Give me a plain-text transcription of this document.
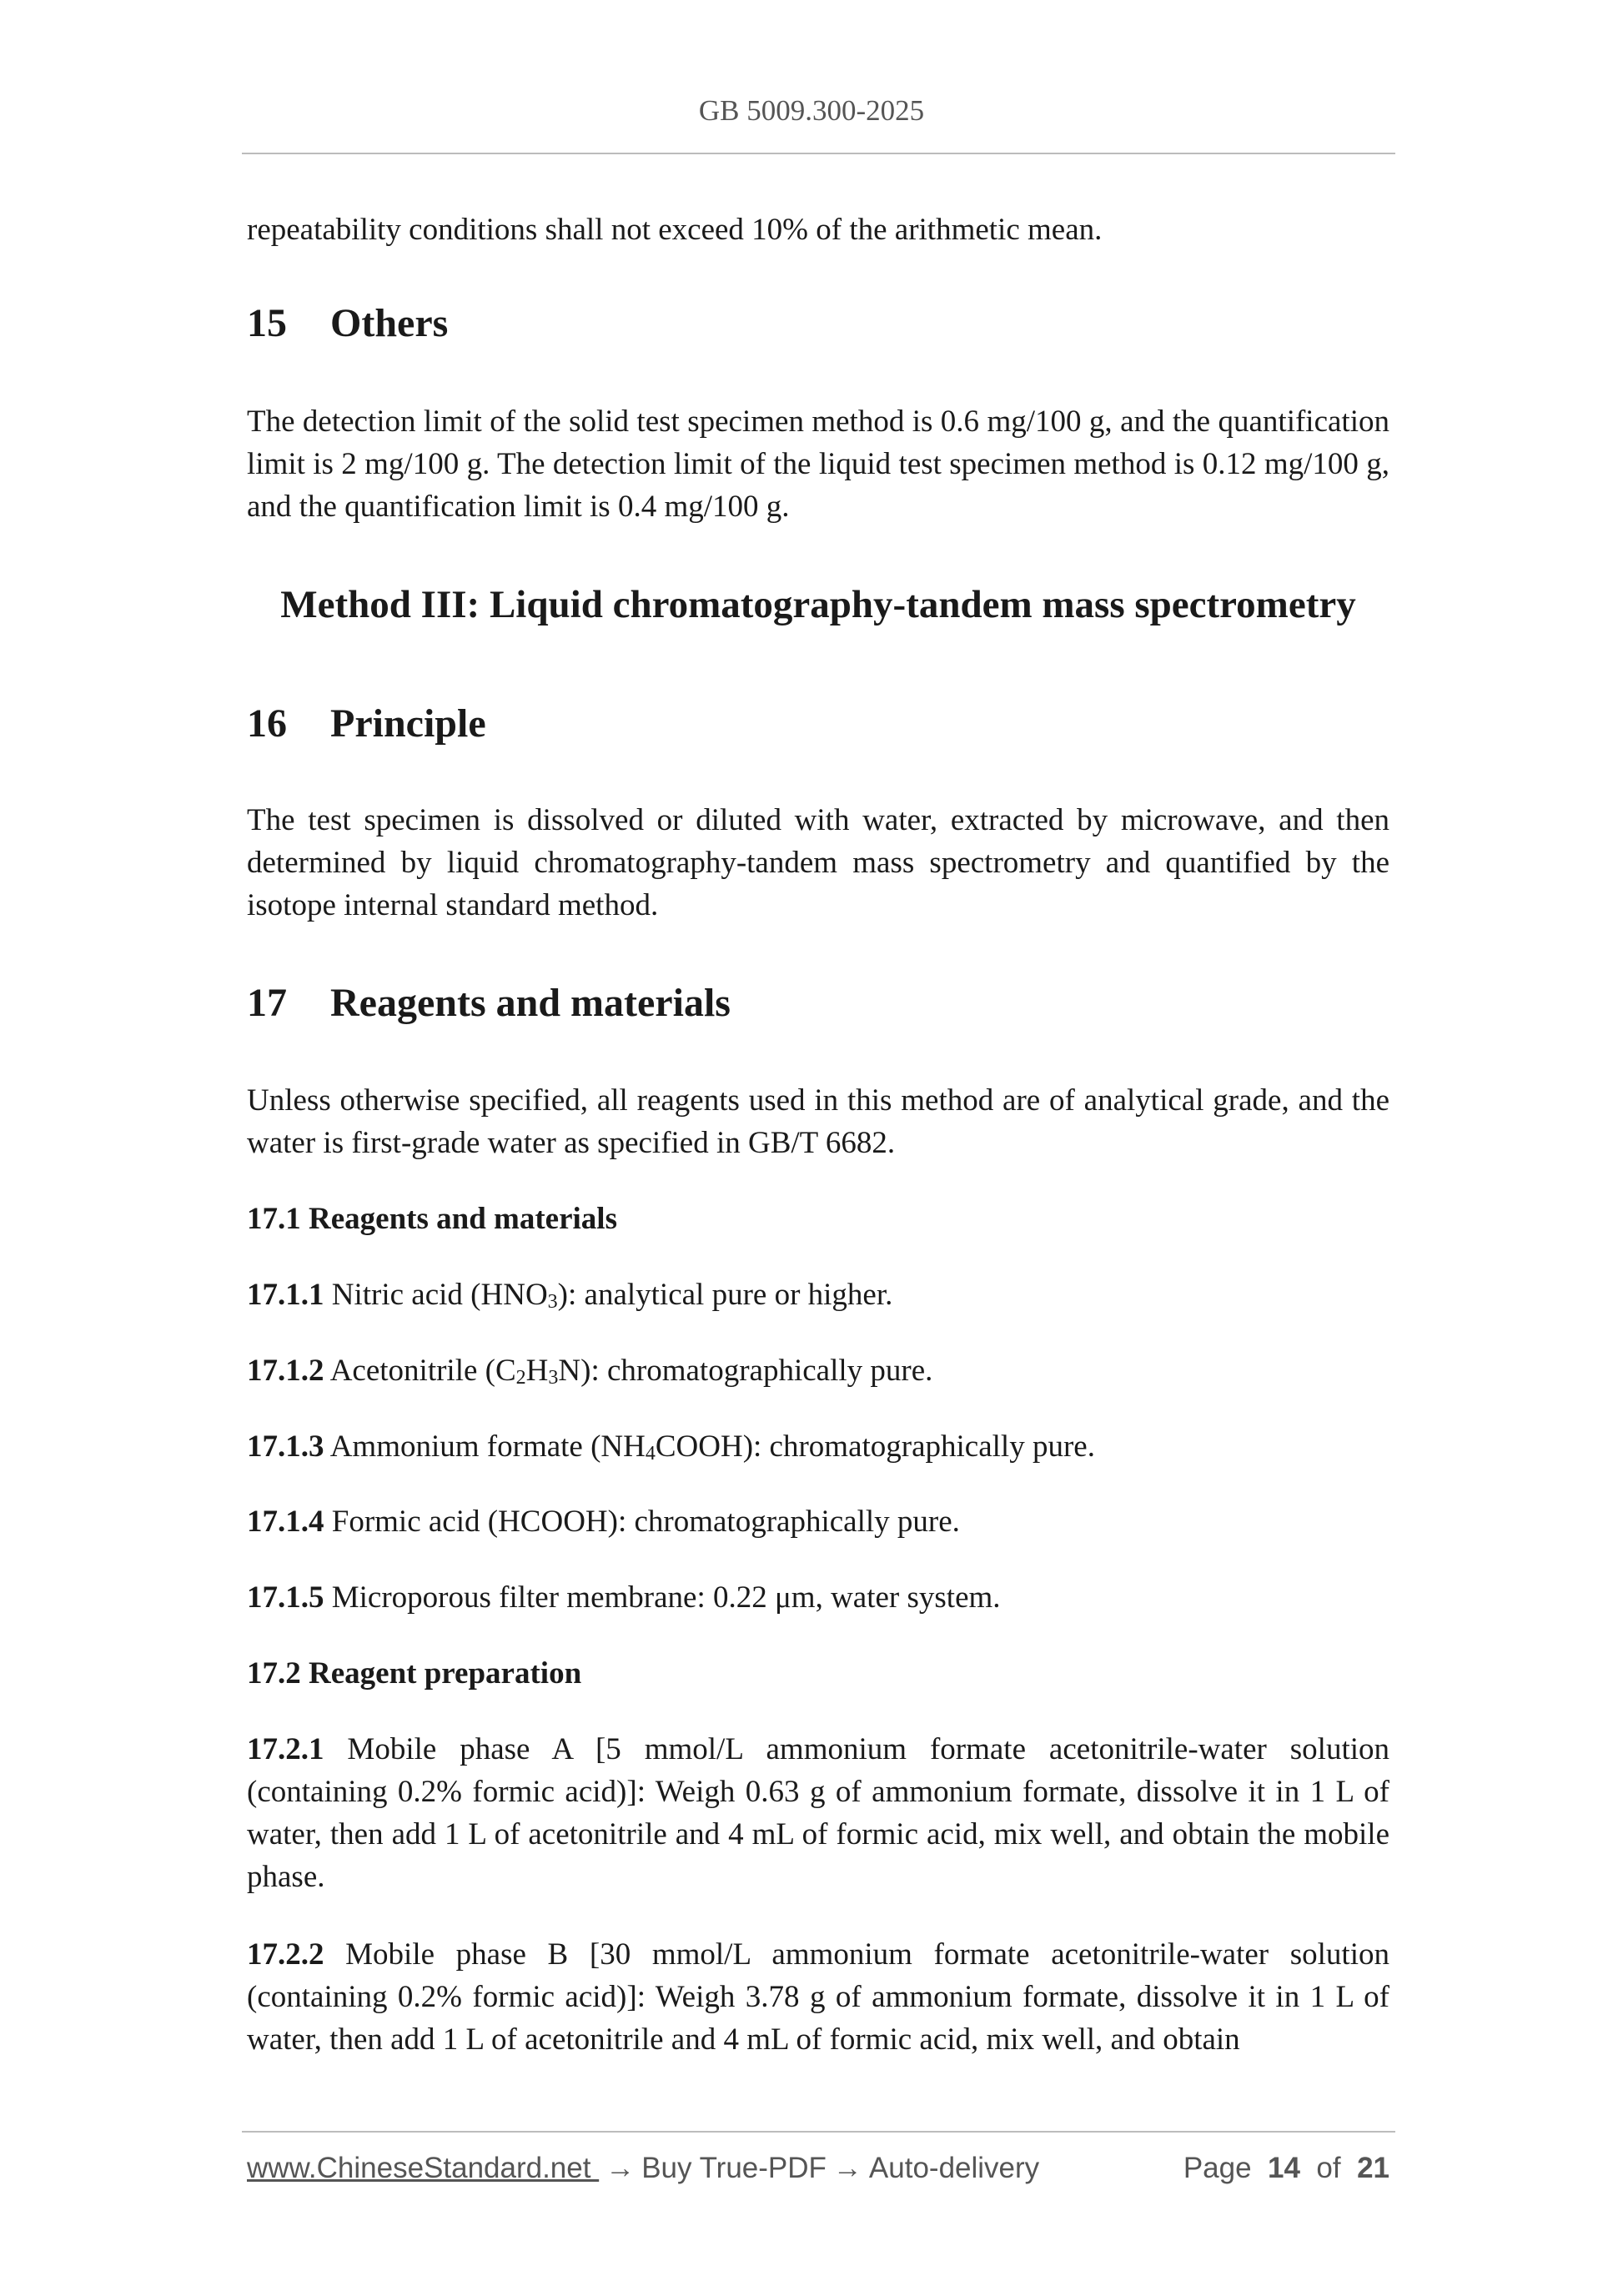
GB 5009.300-2025

repeatability conditions shall not exceed 10% of the arithmetic mean.

15 Others

The detection limit of the solid test specimen method is 0.6 mg/100 g, and the quantification limit is 2 mg/100 g. The detection limit of the liquid test specimen method is 0.12 mg/100 g, and the quantification limit is 0.4 mg/100 g.

Method III: Liquid chromatography-tandem mass spectrometry
16 Principle

The test specimen is dissolved or diluted with water, extracted by microwave, and then determined by liquid chromatography-tandem mass spectrometry and quantified by the isotope internal standard method.

17 Reagents and materials

Unless otherwise specified, all reagents used in this method are of analytical grade, and the water is first-grade water as specified in GB/T 6682.

17.1 Reagents and materials

17.1.1 Nitric acid $(HNO_3)$: analytical pure or higher.

17.1.2 Acetonitrile $(C_2H_3N)$: chromatographically pure.

17.1.3 Ammonium formate $(NH_4COOH)$: chromatographically pure.

17.1.4 Formic acid (HCOOH): chromatographically pure.

17.1.5 Microporous filter membrane: 0.22 μm, water system.

17.2 Reagent preparation

17.2.1 Mobile phase A [5 mmol/L ammonium formate acetonitrile-water solution (containing 0.2% formic acid)]: Weigh 0.63 g of ammonium formate, dissolve it in 1 L of water, then add 1 L of acetonitrile and 4 mL of formic acid, mix well, and obtain the mobile phase.

17.2.2 Mobile phase B [30 mmol/L ammonium formate acetonitrile-water solution (containing 0.2% formic acid)]: Weigh 3.78 g of ammonium formate, dissolve it in 1 L of water, then add 1 L of acetonitrile and 4 mL of formic acid, mix well, and obtain

www.ChineseStandard.net → Buy True-PDF → Auto-delivery	Page 14 of 21
